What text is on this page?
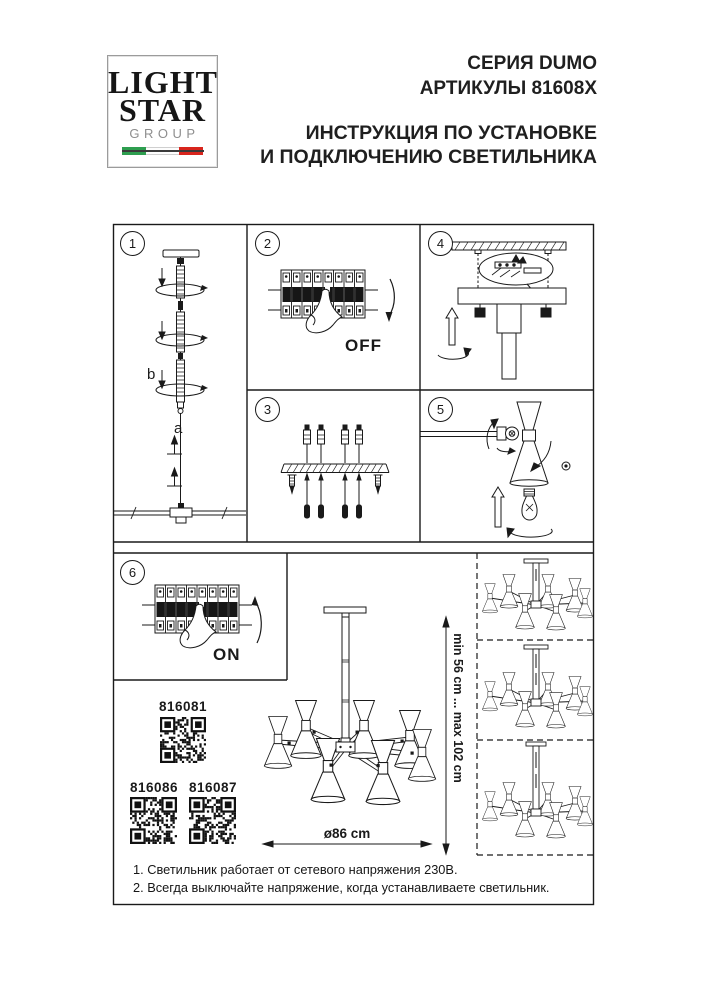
LIGHT
STAR
GROUP
СЕРИЯ DUMO
АРТИКУЛЫ 81608X
ИНСТРУКЦИЯ ПО УСТАНОВКЕ
И ПОДКЛЮЧЕНИЮ СВЕТИЛЬНИКА
1	2
3
4
5
6
OFF
ON
b
a
816081
816086 816087
min 56 cm ... max 102 cm
ø86 cm
1. Светильник работает от сетевого напряжения 230В.
2. Всегда выключайте напряжение, когда устанавливаете светильник.
